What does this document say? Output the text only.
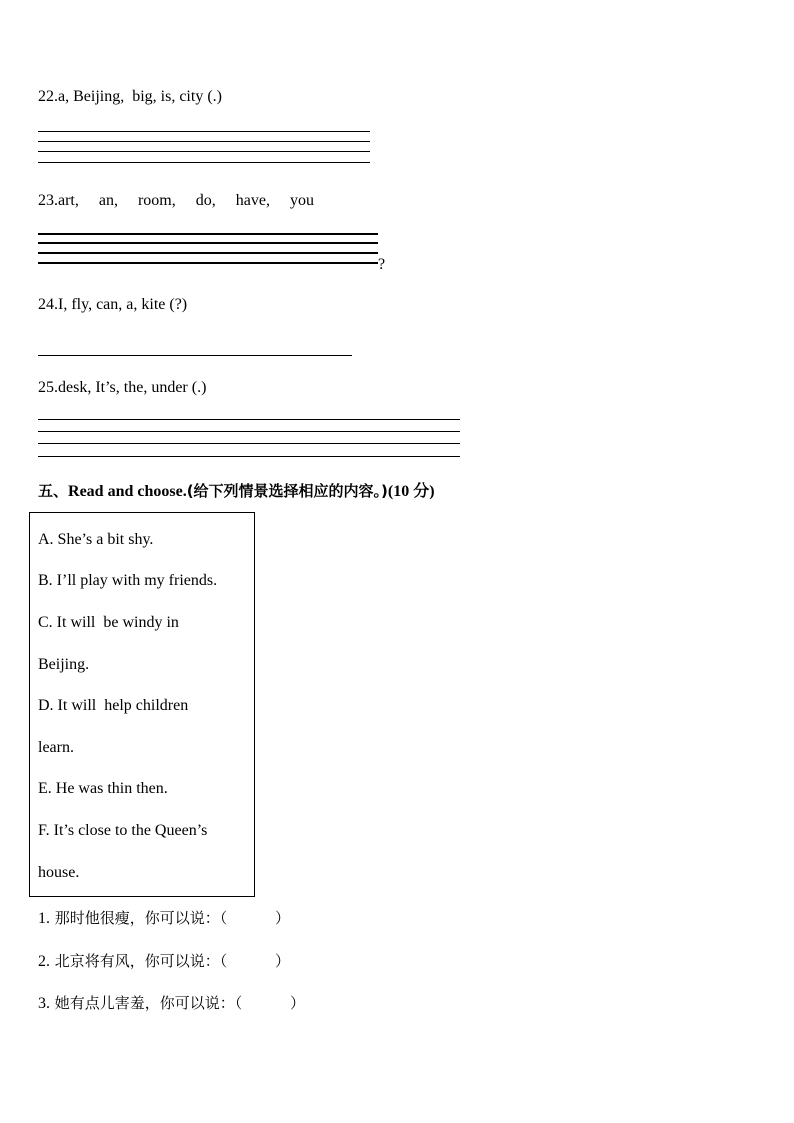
22.a, Beijing,  big, is, city (.)

23.art,     an,     room,     do,     have,     you

?

24.I, fly, can, a, kite (?)

25.desk, It’s, the, under (.)

五、Read and choose.(给下列情景选择相应的内容。)(10 分)
A. She’s a bit shy.
B. I’ll play with my friends.
C. It will  be windy in
Beijing.
D. It will  help children
learn.
E. He was thin then.
F. It’s close to the Queen’s
house.
1. 那时他很瘦，你可以说：（          ）
2. 北京将有风，你可以说：（          ）
3. 她有点儿害羞，你可以说：（          ）
